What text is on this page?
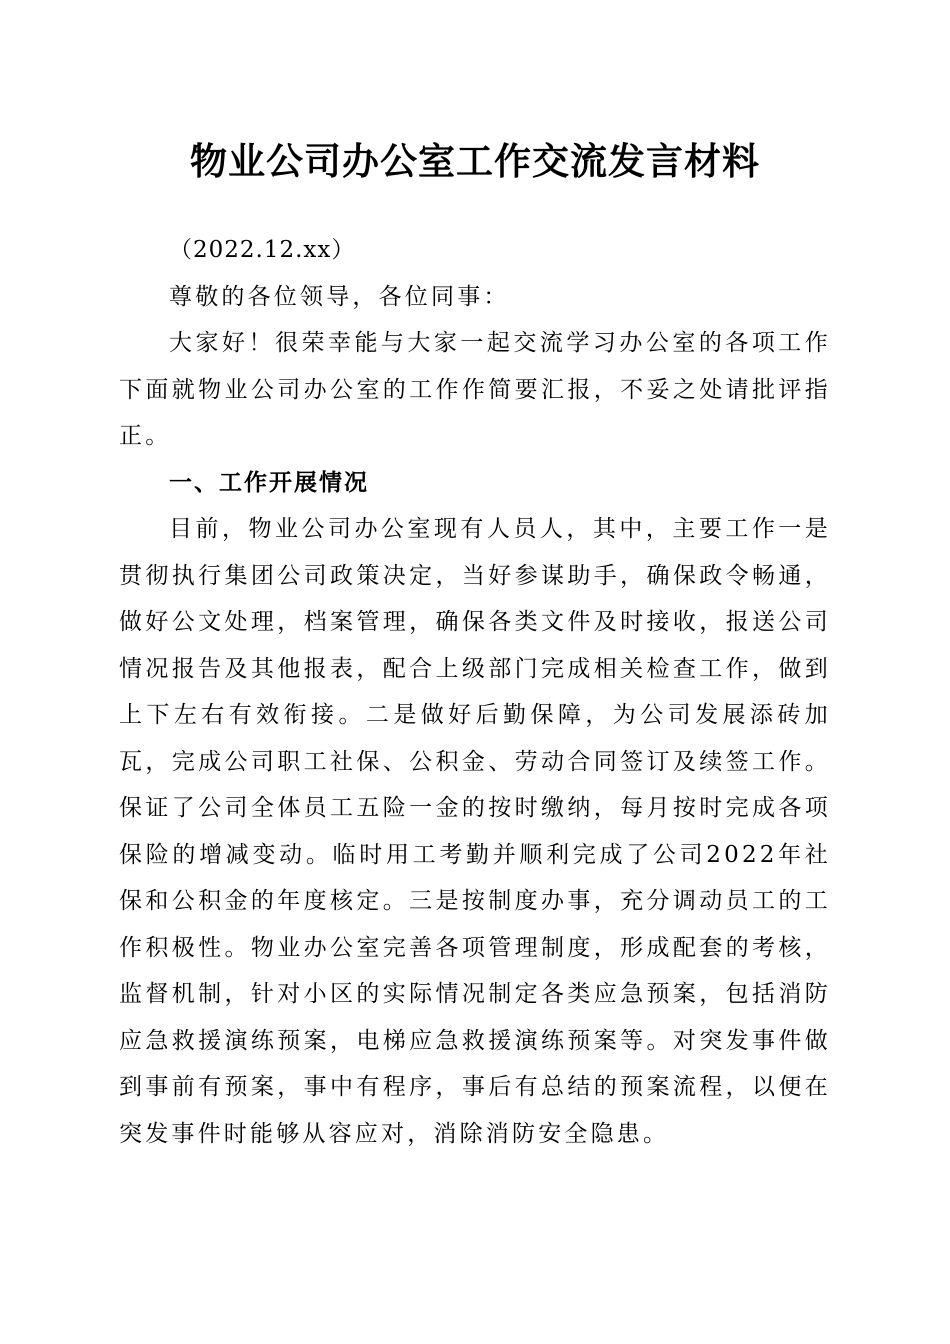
物业公司办公室工作交流发言材料

（2022.12.xx）

尊敬的各位领导，各位同事：

大家好！很荣幸能与大家一起交流学习办公室的各项工作下面就物业公司办公室的工作作简要汇报，不妥之处请批评指正。

一、工作开展情况

目前，物业公司办公室现有人员人，其中，主要工作一是贯彻执行集团公司政策决定，当好参谋助手，确保政令畅通，做好公文处理，档案管理，确保各类文件及时接收，报送公司情况报告及其他报表，配合上级部门完成相关检查工作，做到上下左右有效衔接。二是做好后勤保障，为公司发展添砖加瓦，完成公司职工社保、公积金、劳动合同签订及续签工作。保证了公司全体员工五险一金的按时缴纳，每月按时完成各项保险的增减变动。临时用工考勤并顺利完成了公司2022年社保和公积金的年度核定。三是按制度办事，充分调动员工的工作积极性。物业办公室完善各项管理制度，形成配套的考核，监督机制，针对小区的实际情况制定各类应急预案，包括消防应急救援演练预案，电梯应急救援演练预案等。对突发事件做到事前有预案，事中有程序，事后有总结的预案流程，以便在突发事件时能够从容应对，消除消防安全隐患。
